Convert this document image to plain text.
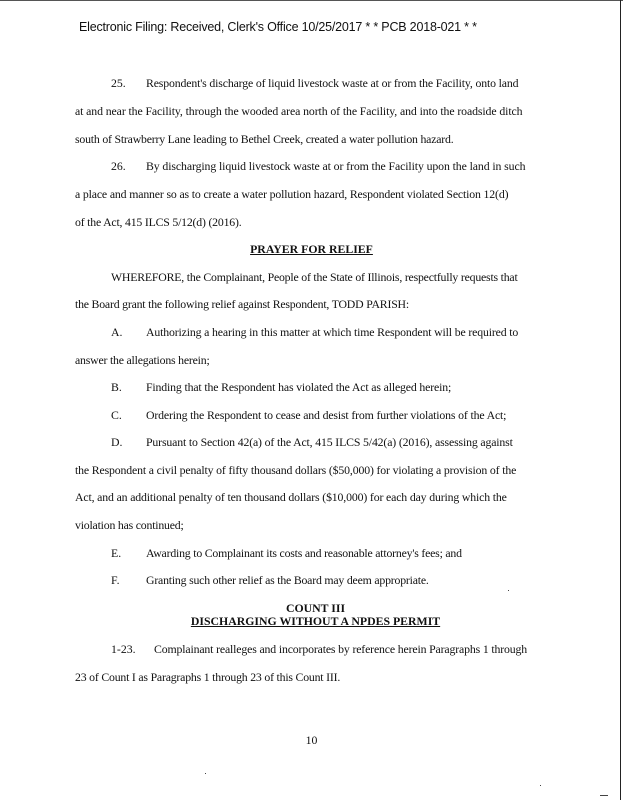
Electronic Filing: Received, Clerk's Office 10/25/2017 * * PCB 2018-021 * *
25. Respondent's discharge of liquid livestock waste at or from the Facility, onto land
at and near the Facility, through the wooded area north of the Facility, and into the roadside ditch
south of Strawberry Lane leading to Bethel Creek, created a water pollution hazard.
26. By discharging liquid livestock waste at or from the Facility upon the land in such
a place and manner so as to create a water pollution hazard, Respondent violated Section 12(d)
of the Act, 415 ILCS 5/12(d) (2016).
PRAYER FOR RELIEF
WHEREFORE, the Complainant, People of the State of Illinois, respectfully requests that
the Board grant the following relief against Respondent, TODD PARISH:
A. Authorizing a hearing in this matter at which time Respondent will be required to
answer the allegations herein;
B. Finding that the Respondent has violated the Act as alleged herein;
C. Ordering the Respondent to cease and desist from further violations of the Act;
D. Pursuant to Section 42(a) of the Act, 415 ILCS 5/42(a) (2016), assessing against
the Respondent a civil penalty of fifty thousand dollars ($50,000) for violating a provision of the
Act, and an additional penalty of ten thousand dollars ($10,000) for each day during which the
violation has continued;
E. Awarding to Complainant its costs and reasonable attorney's fees; and
F. Granting such other relief as the Board may deem appropriate.
COUNT III
DISCHARGING WITHOUT A NPDES PERMIT
1-23. Complainant realleges and incorporates by reference herein Paragraphs 1 through
23 of Count I as Paragraphs 1 through 23 of this Count III.
10
